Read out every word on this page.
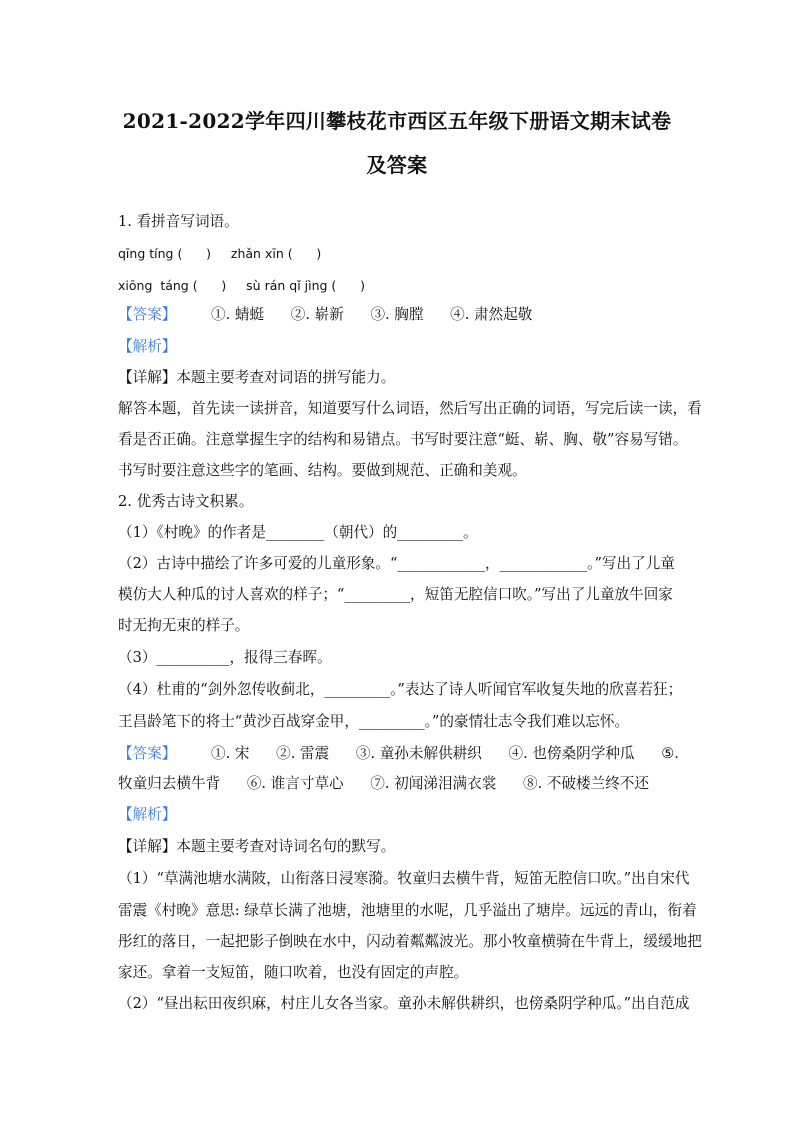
2021-2022学年四川攀枝花市西区五年级下册语文期末试卷
及答案
1. 看拼音写词语。
qīng tíng (      )     zhǎn xīn (      )
xiōng  táng (      )     sù rán qǐ jìng (      )
【答案】 ①. 蜻蜓 ②. 崭新 ③. 胸膛 ④. 肃然起敬
【解析】
【详解】本题主要考查对词语的拼写能力。
解答本题，首先读一读拼音，知道要写什么词语，然后写出正确的词语，写完后读一读，看
看是否正确。注意掌握生字的结构和易错点。书写时要注意“蜓、崭、胸、敬”容易写错。
书写时要注意这些字的笔画、结构。要做到规范、正确和美观。
2. 优秀古诗文积累。
（1）《村晚》的作者是________（朝代）的_________。
（2）古诗中描绘了许多可爱的儿童形象。“____________，____________。”写出了儿童
模仿大人种瓜的讨人喜欢的样子；“_________，短笛无腔信口吹。”写出了儿童放牛回家
时无拘无束的样子。
（3）__________，报得三春晖。
（4）杜甫的“剑外忽传收蓟北，_________。”表达了诗人听闻官军收复失地的欣喜若狂；
王昌龄笔下的将士“黄沙百战穿金甲，_________。”的豪情壮志令我们难以忘怀。
【答案】 ①. 宋 ②. 雷震 ③. 童孙未解供耕织 ④. 也傍桑阴学种瓜 ⑤.
牧童归去横牛背 ⑥. 谁言寸草心 ⑦. 初闻涕泪满衣裳 ⑧. 不破楼兰终不还
【解析】
【详解】本题主要考查对诗词名句的默写。
（1）“草满池塘水满陂，山衔落日浸寒漪。牧童归去横牛背，短笛无腔信口吹。”出自宋代
雷震《村晚》意思: 绿草长满了池塘，池塘里的水呢，几乎溢出了塘岸。远远的青山，衔着
彤红的落日，一起把影子倒映在水中，闪动着粼粼波光。那小牧童横骑在牛背上，缓缓地把
家还。拿着一支短笛，随口吹着，也没有固定的声腔。
（2）“昼出耘田夜织麻，村庄儿女各当家。童孙未解供耕织，也傍桑阴学种瓜。”出自范成
